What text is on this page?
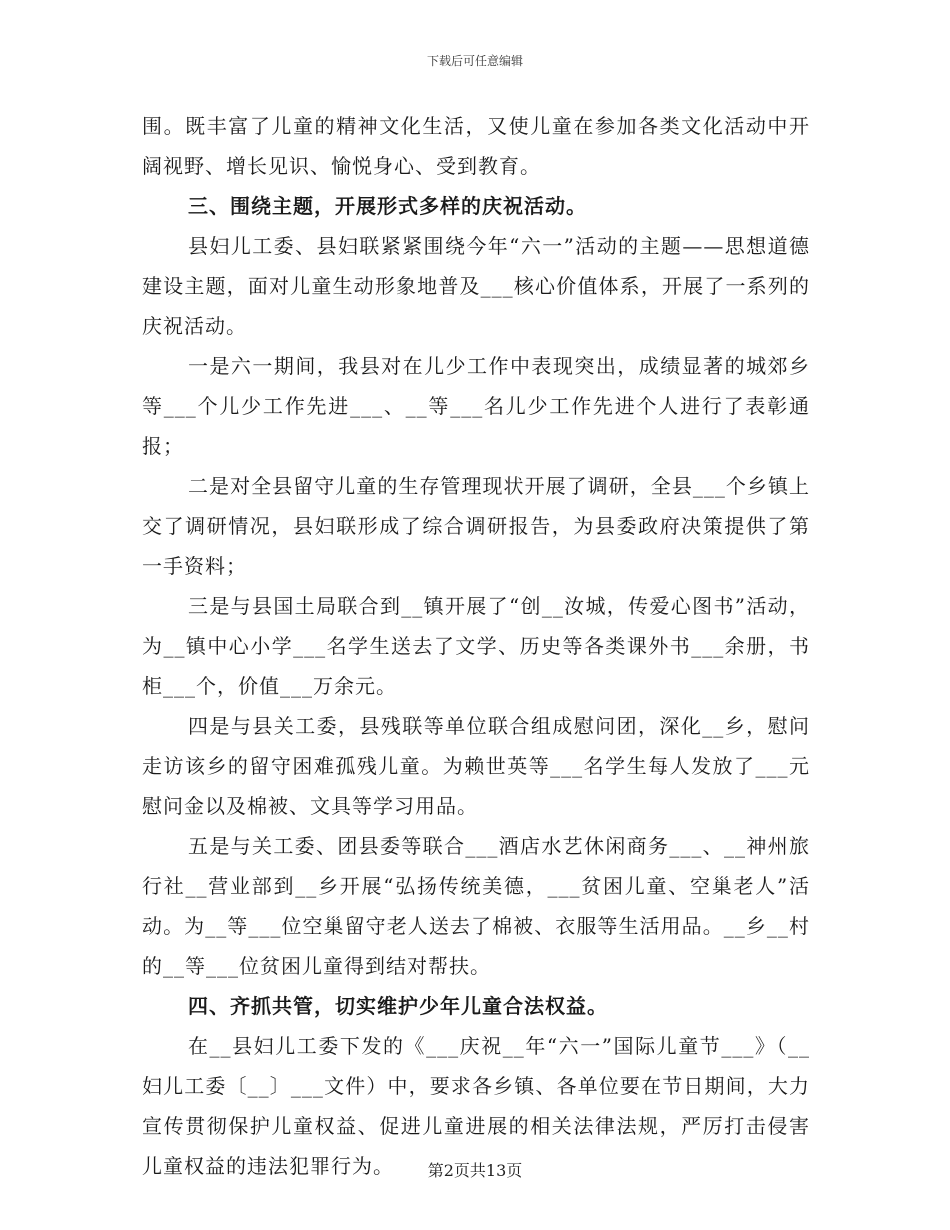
下载后可任意编辑

围。既丰富了儿童的精神文化生活，又使儿童在参加各类文化活动中开阔视野、增长见识、愉悦身心、受到教育。

三、围绕主题，开展形式多样的庆祝活动。

县妇儿工委、县妇联紧紧围绕今年“六一”活动的主题——思想道德建设主题，面对儿童生动形象地普及___核心价值体系，开展了一系列的庆祝活动。

一是六一期间，我县对在儿少工作中表现突出，成绩显著的城郊乡等___个儿少工作先进___、__等___名儿少工作先进个人进行了表彰通报；

二是对全县留守儿童的生存管理现状开展了调研，全县___个乡镇上交了调研情况，县妇联形成了综合调研报告，为县委政府决策提供了第一手资料；

三是与县国土局联合到__镇开展了“创__汝城，传爱心图书”活动，为__镇中心小学___名学生送去了文学、历史等各类课外书___余册，书柜___个，价值___万余元。

四是与县关工委，县残联等单位联合组成慰问团，深化__乡，慰问走访该乡的留守困难孤残儿童。为赖世英等___名学生每人发放了___元慰问金以及棉被、文具等学习用品。

五是与关工委、团县委等联合___酒店水艺休闲商务___、__神州旅行社__营业部到__乡开展“弘扬传统美德，___贫困儿童、空巢老人”活动。为__等___位空巢留守老人送去了棉被、衣服等生活用品。__乡__村的__等___位贫困儿童得到结对帮扶。

四、齐抓共管，切实维护少年儿童合法权益。

在__县妇儿工委下发的《___庆祝__年“六一”国际儿童节___》（__妇儿工委〔__〕___文件）中，要求各乡镇、各单位要在节日期间，大力宣传贯彻保护儿童权益、促进儿童进展的相关法律法规，严厉打击侵害儿童权益的违法犯罪行为。	第2页共13页
